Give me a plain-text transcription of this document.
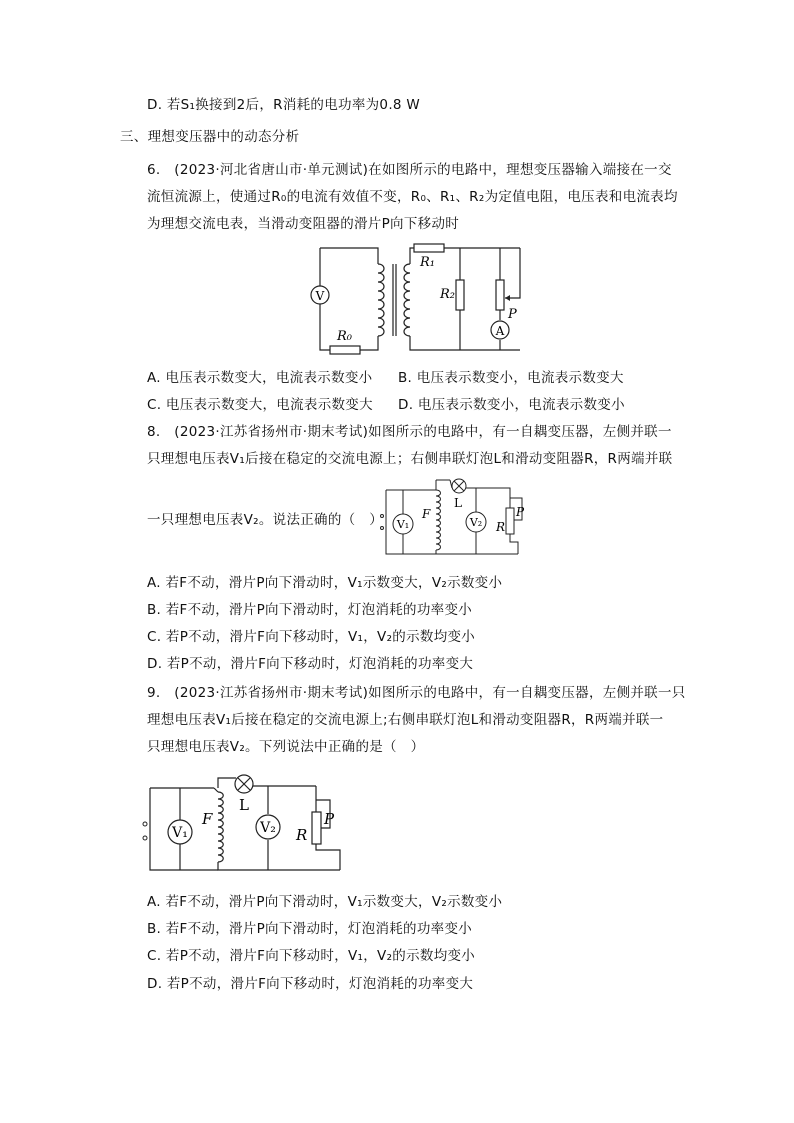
D. 若S₁换接到2后，R消耗的电功率为0.8 W
三、理想变压器中的动态分析
6.　(2023·河北省唐山市·单元测试)在如图所示的电路中，理想变压器输入端接在一交
流恒流源上，使通过R₀的电流有效值不变，R₀、R₁、R₂为定值电阻，电压表和电流表均
为理想交流电表，当滑动变阻器的滑片P向下移动时
V
A
R₀
R₁
R₂
P
A. 电压表示数变大，电流表示数变小 B. 电压表示数变小，电流表示数变大
C. 电压表示数变大，电流表示数变大 D. 电压表示数变小，电流表示数变小
8.　(2023·江苏省扬州市·期末考试)如图所示的电路中，有一自耦变压器，左侧并联一
只理想电压表V₁后接在稳定的交流电源上；右侧串联灯泡L和滑动变阻器R，R两端并联
一只理想电压表V₂。说法正确的（　） V₁	V₂
F
L
R
P
A. 若F不动，滑片P向下滑动时，V₁示数变大，V₂示数变小
B. 若F不动，滑片P向下滑动时，灯泡消耗的功率变小
C. 若P不动，滑片F向下移动时，V₁，V₂的示数均变小
D. 若P不动，滑片F向下移动时，灯泡消耗的功率变大
9.　(2023·江苏省扬州市·期末考试)如图所示的电路中，有一自耦变压器，左侧并联一只
理想电压表V₁后接在稳定的交流电源上;右侧串联灯泡L和滑动变阻器R，R两端并联一
只理想电压表V₂。下列说法中正确的是（　）
V₁	V₂
F
L
R
P
A. 若F不动，滑片P向下滑动时，V₁示数变大，V₂示数变小
B. 若F不动，滑片P向下滑动时，灯泡消耗的功率变小
C. 若P不动，滑片F向下移动时，V₁，V₂的示数均变小
D. 若P不动，滑片F向下移动时，灯泡消耗的功率变大
